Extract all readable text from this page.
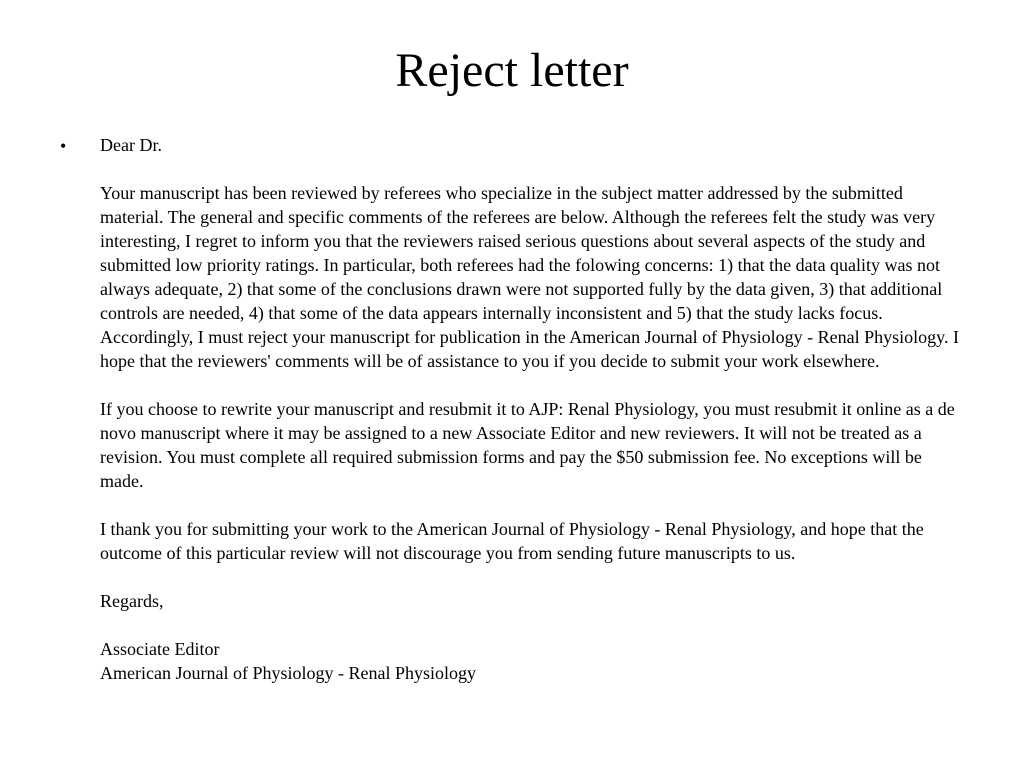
Reject letter
• Dear Dr.

Your manuscript has been reviewed by referees who specialize in the subject matter addressed by the submitted material. The general and specific comments of the referees are below. Although the referees felt the study was very interesting, I regret to inform you that the reviewers raised serious questions about several aspects of the study and submitted low priority ratings. In particular, both referees had the folowing concerns: 1) that the data quality was not always adequate, 2) that some of the conclusions drawn were not supported fully by the data given, 3) that additional controls are needed, 4) that some of the data appears internally inconsistent and 5) that the study lacks focus. Accordingly, I must reject your manuscript for publication in the American Journal of Physiology - Renal Physiology. I hope that the reviewers' comments will be of assistance to you if you decide to submit your work elsewhere.

If you choose to rewrite your manuscript and resubmit it to AJP: Renal Physiology, you must resubmit it online as a de novo manuscript where it may be assigned to a new Associate Editor and new reviewers. It will not be treated as a revision. You must complete all required submission forms and pay the $50 submission fee. No exceptions will be made.

I thank you for submitting your work to the American Journal of Physiology - Renal Physiology, and hope that the outcome of this particular review will not discourage you from sending future manuscripts to us.

Regards,

Associate Editor

American Journal of Physiology - Renal Physiology
